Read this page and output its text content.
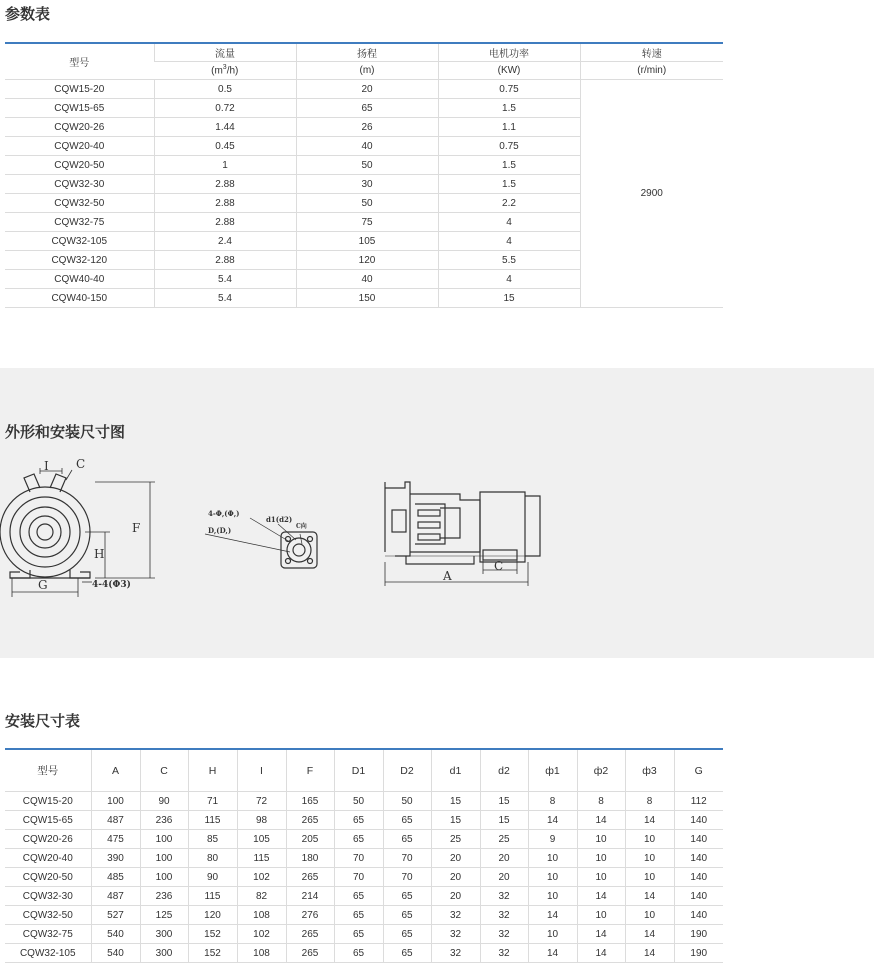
参数表
型号	流量	扬程	电机功率	转速
	$(m^3/h)$	(m)	(KW)	(r/min)
CQW15-20	0.5	20	0.75	2900
CQW15-65	0.72	65	1.5	
CQW20-26	1.44	26	1.1	
CQW20-40	0.45	40	0.75	
CQW20-50	1	50	1.5	
CQW32-30	2.88	30	1.5	
CQW32-50	2.88	50	2.2	
CQW32-75	2.88	75	4	
CQW32-105	2.4	105	4	
CQW32-120	2.88	120	5.5	
CQW40-40	5.4	40	4	
CQW40-150	5.4	150	15	
外形和安装尺寸图
I C
F
H
G	4-4(Φ3)
4-Φ,(Φ,)
d1(d2)
C向
D,(D,)
A
C
安装尺寸表
型号	A	C	H	I	F	D1	D2	d1	d2	ф1	ф2	ф3	G
CQW15-20	100	90	71	72	165	50	50	15	15	8	8	8	112
CQW15-65	487	236	115	98	265	65	65	15	15	14	14	14	140
CQW20-26	475	100	85	105	205	65	65	25	25	9	10	10	140
CQW20-40	390	100	80	115	180	70	70	20	20	10	10	10	140
CQW20-50	485	100	90	102	265	70	70	20	20	10	10	10	140
CQW32-30	487	236	115	82	214	65	65	20	32	10	14	14	140
CQW32-50	527	125	120	108	276	65	65	32	32	14	10	10	140
CQW32-75	540	300	152	102	265	65	65	32	32	10	14	14	190
CQW32-105	540	300	152	108	265	65	65	32	32	14	14	14	190
